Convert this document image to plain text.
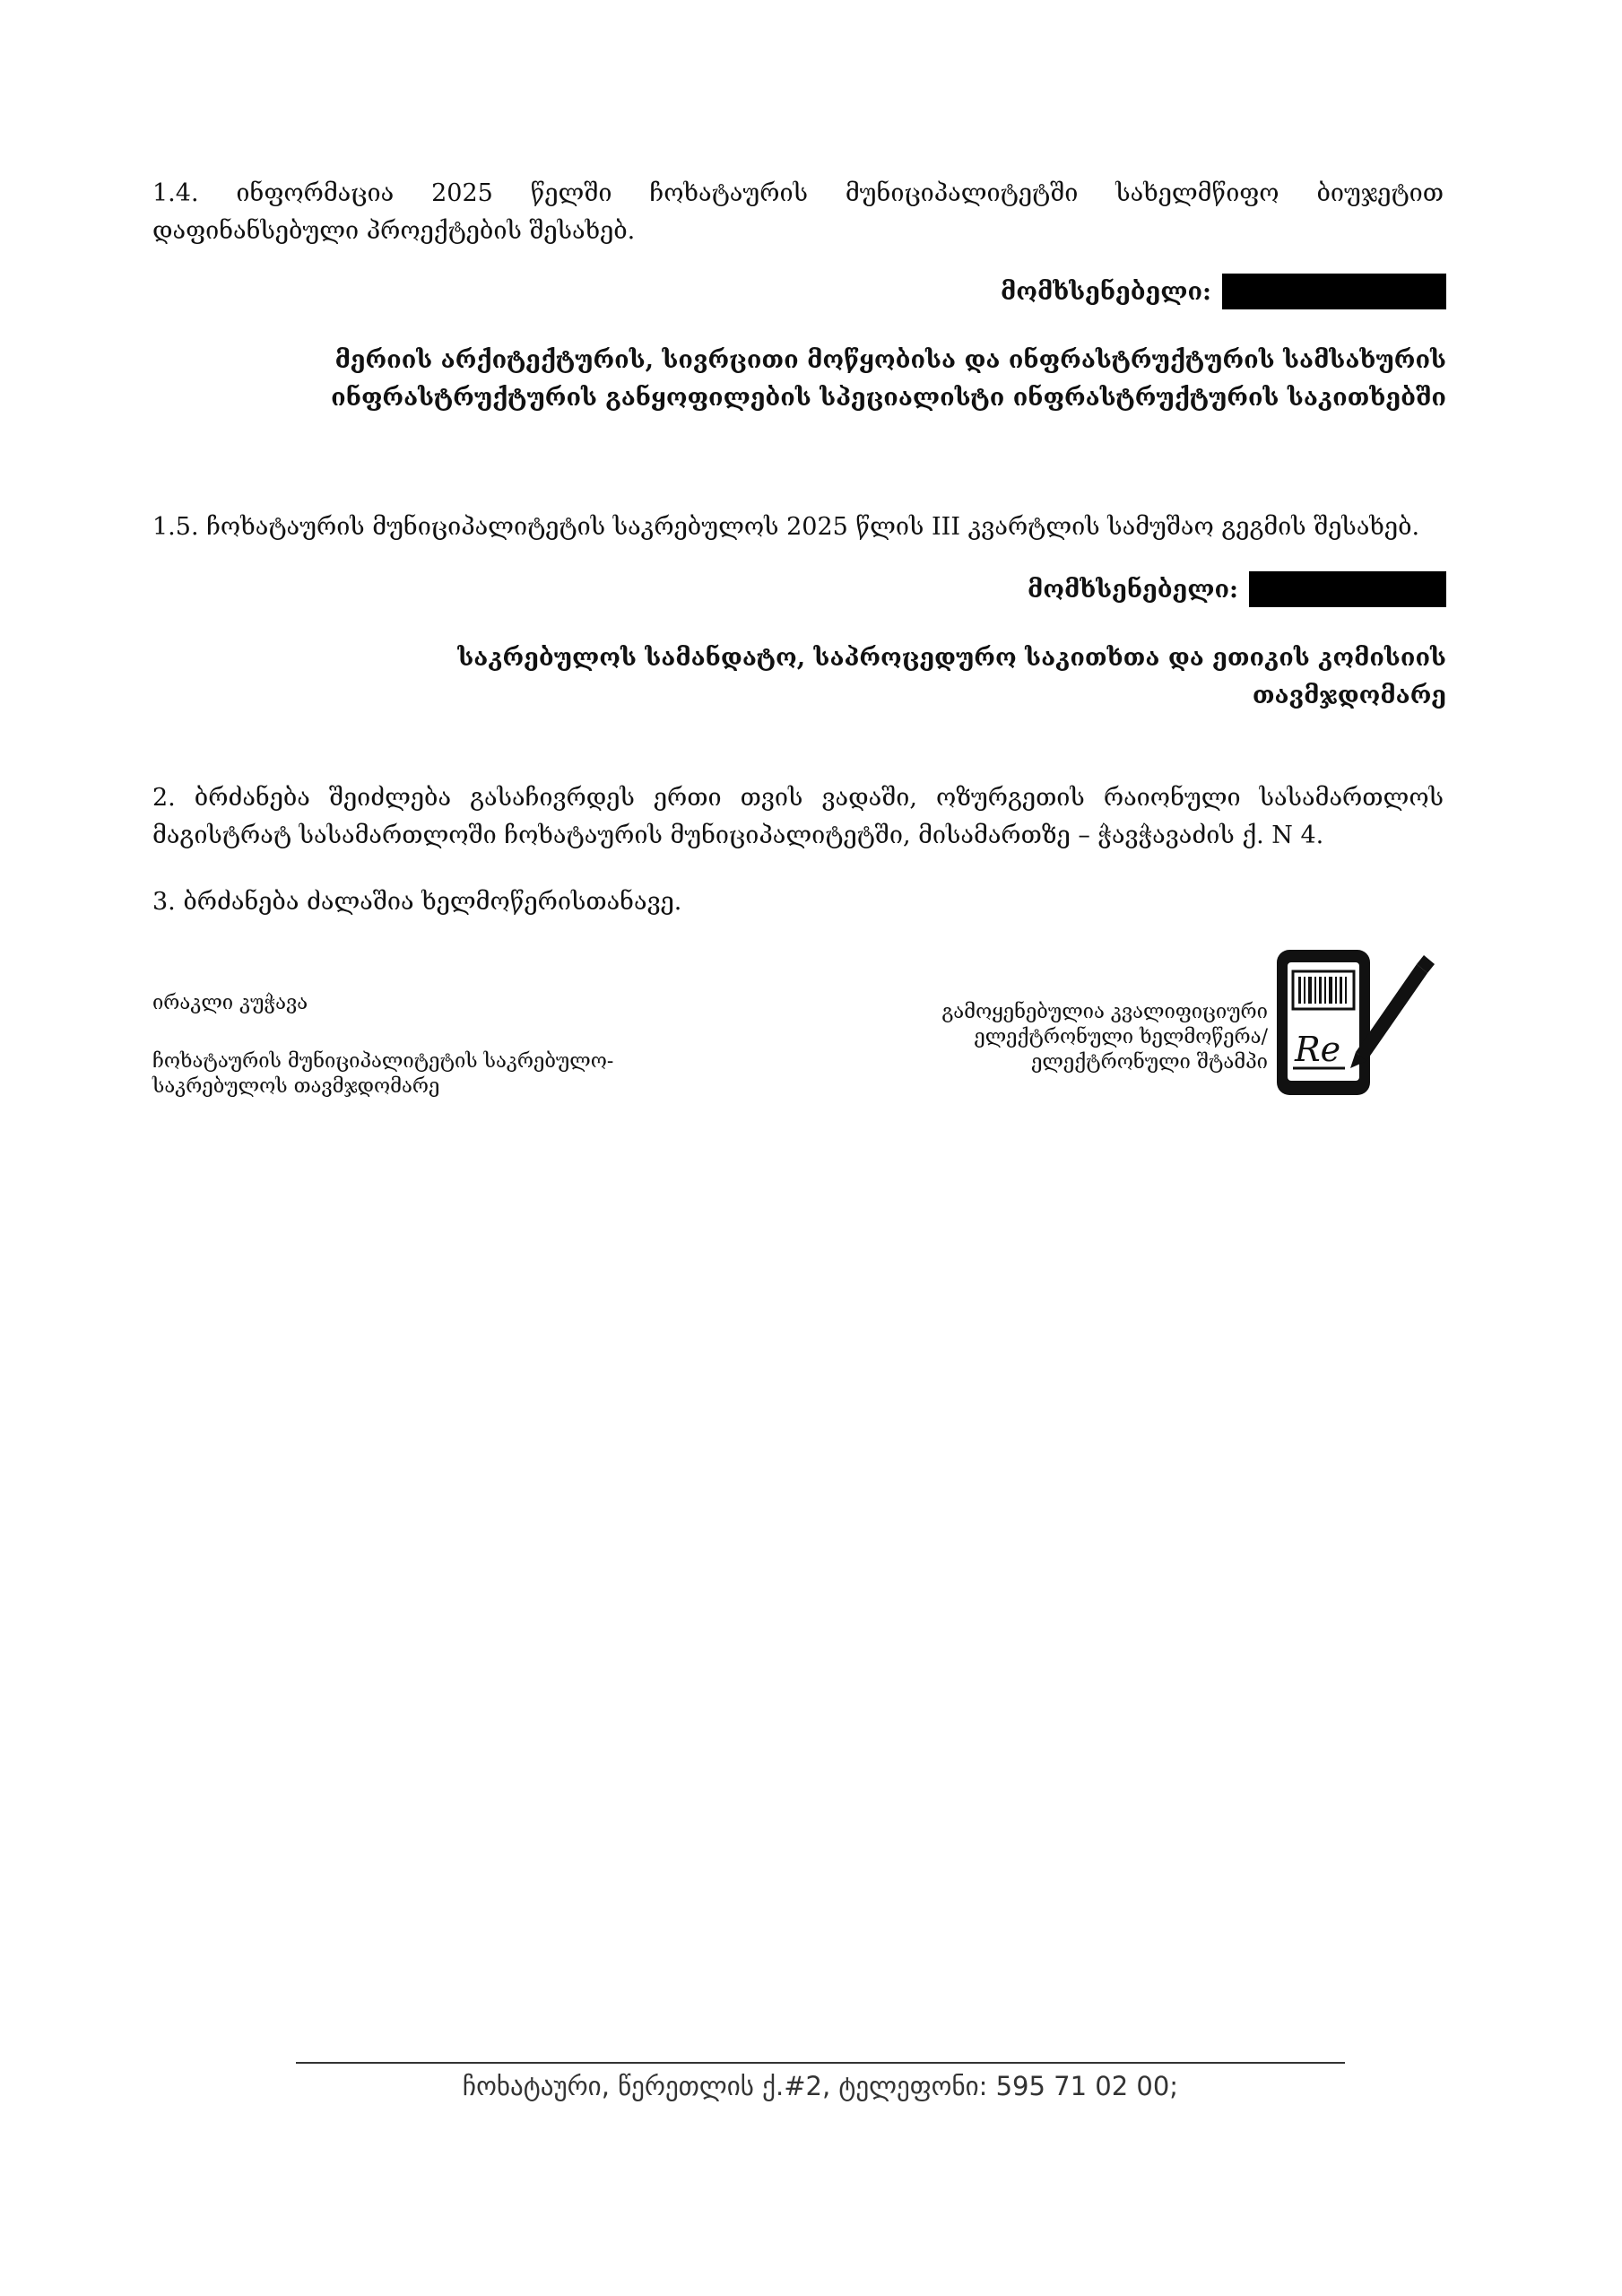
1.4. ინფორმაცია 2025 წელში ჩოხატაურის მუნიციპალიტეტში სახელმწიფო ბიუჯეტით დაფინანსებული პროექტების შესახებ.

მომხსენებელი:

მერიის არქიტექტურის, სივრცითი მოწყობისა და ინფრასტრუქტურის სამსახურის ინფრასტრუქტურის განყოფილების სპეციალისტი ინფრასტრუქტურის საკითხებში

1.5. ჩოხატაურის მუნიციპალიტეტის საკრებულოს 2025 წლის III კვარტლის სამუშაო გეგმის შესახებ.

მომხსენებელი:

საკრებულოს სამანდატო, საპროცედურო საკითხთა და ეთიკის კომისიის თავმჯდომარე

2. ბრძანება შეიძლება გასაჩივრდეს ერთი თვის ვადაში, ოზურგეთის რაიონული სასამართლოს მაგისტრატ სასამართლოში ჩოხატაურის მუნიციპალიტეტში, მისამართზე – ჭავჭავაძის ქ. N 4.

3. ბრძანება ძალაშია ხელმოწერისთანავე.

ირაკლი კუჭავა
ჩოხატაურის მუნიციპალიტეტის საკრებულო-
საკრებულოს თავმჯდომარე
გამოყენებულია კვალიფიციური
ელექტრონული ხელმოწერა/
ელექტრონული შტამპი Re
ჩოხატაური, წერეთლის ქ.#2, ტელეფონი: 595 71 02 00;
